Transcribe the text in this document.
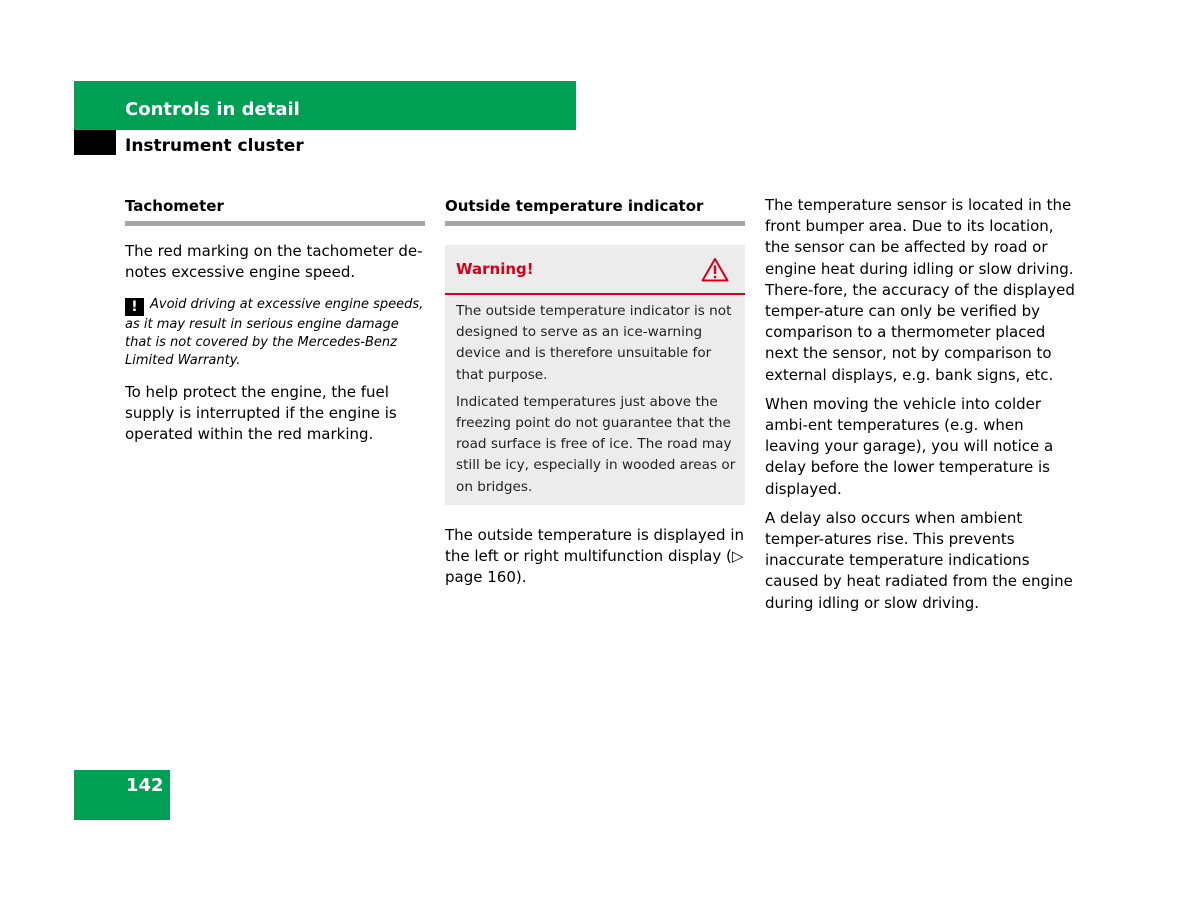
Controls in detail
Instrument cluster
Tachometer

The red marking on the tachometer de-notes excessive engine speed.

! Avoid driving at excessive engine speeds, as it may result in serious engine damage that is not covered by the Mercedes-Benz Limited Warranty.

To help protect the engine, the fuel supply is interrupted if the engine is operated within the red marking.

Outside temperature indicator
Warning!

The outside temperature indicator is not designed to serve as an ice-warning device and is therefore unsuitable for that purpose.

Indicated temperatures just above the freezing point do not guarantee that the road surface is free of ice. The road may still be icy, especially in wooded areas or on bridges.

The outside temperature is displayed in the left or right multifunction display (▷ page 160).

The temperature sensor is located in the front bumper area. Due to its location, the sensor can be affected by road or engine heat during idling or slow driving. There-fore, the accuracy of the displayed temper-ature can only be verified by comparison to a thermometer placed next the sensor, not by comparison to external displays, e.g. bank signs, etc.

When moving the vehicle into colder ambi-ent temperatures (e.g. when leaving your garage), you will notice a delay before the lower temperature is displayed.

A delay also occurs when ambient temper-atures rise. This prevents inaccurate temperature indications caused by heat radiated from the engine during idling or slow driving.

142
